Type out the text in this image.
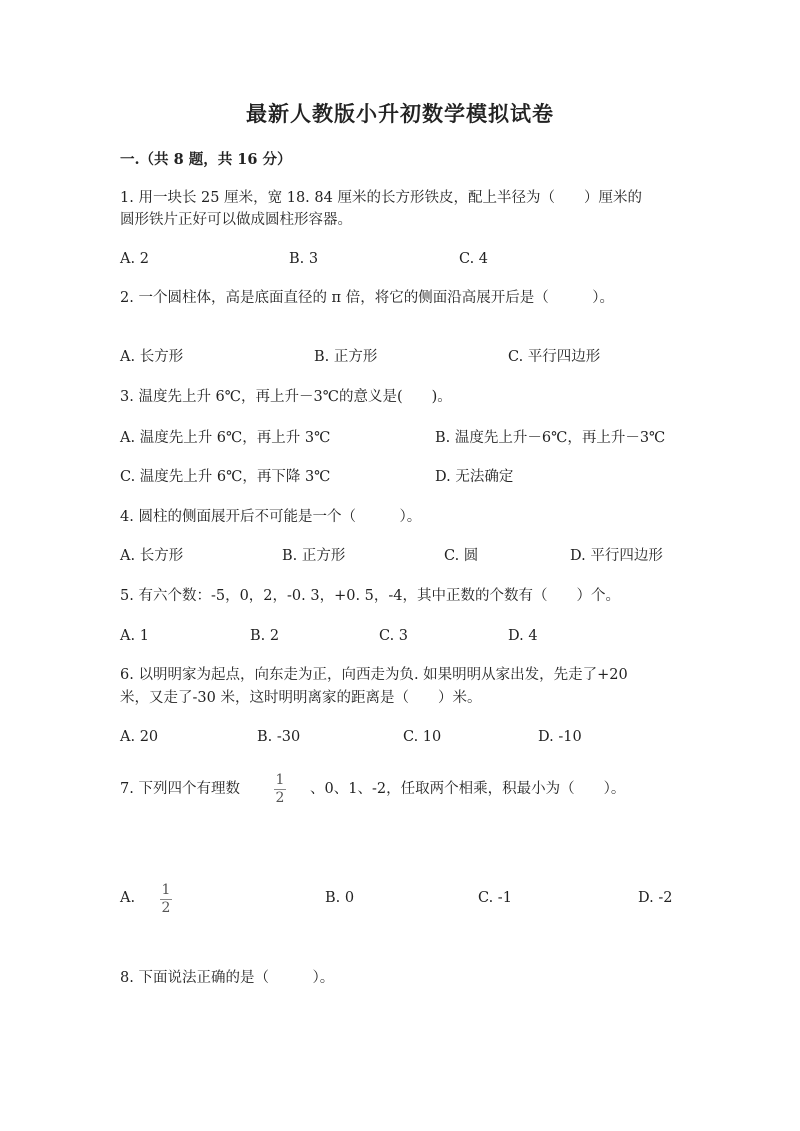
最新人教版小升初数学模拟试卷
一.（共 8 题，共 16 分）
1. 用一块长 25 厘米，宽 18. 84 厘米的长方形铁皮，配上半径为（　　）厘米的
圆形铁片正好可以做成圆柱形容器。
A. 2	B. 3	C. 4
2. 一个圆柱体，高是底面直径的 π 倍，将它的侧面沿高展开后是（　　　）。
A. 长方形	B. 正方形	C. 平行四边形
3. 温度先上升 6℃，再上升－3℃的意义是(　　)。
A. 温度先上升 6℃，再上升 3℃	B. 温度先上升－6℃，再上升－3℃
C. 温度先上升 6℃，再下降 3℃	D. 无法确定
4. 圆柱的侧面展开后不可能是一个（　　　）。
A. 长方形	B. 正方形	C. 圆	D. 平行四边形
5. 有六个数：-5，0，2，-0. 3，+0. 5，-4，其中正数的个数有（　　）个。
A. 1	B. 2	C. 3	D. 4
6. 以明明家为起点，向东走为正，向西走为负. 如果明明从家出发，先走了+20
米，又走了-30 米，这时明明离家的距离是（　　）米。
A. 20	B. -30	C. 10	D. -10
7. 下列四个有理数
1
2
、0、1、-2，任取两个相乘，积最小为（　　）。
A. 1
2
B. 0	C. -1	D. -2
8. 下面说法正确的是（　　　）。
